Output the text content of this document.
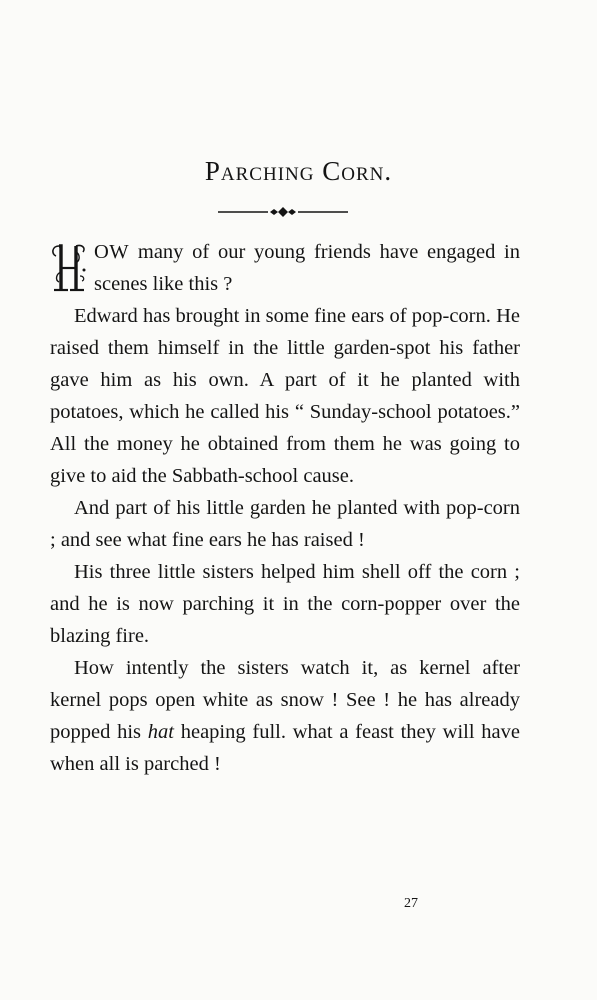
Parching Corn.

OW many of our young friends have engaged in scenes like this ?

Edward has brought in some fine ears of pop-corn. He raised them himself in the little garden-spot his father gave him as his own. A part of it he planted with potatoes, which he called his “ Sunday-school potatoes.” All the money he obtained from them he was going to give to aid the Sabbath-school cause.

And part of his little garden he planted with pop-corn ; and see what fine ears he has raised !

His three little sisters helped him shell off the corn ; and he is now parching it in the corn-popper over the blazing fire.

How intently the sisters watch it, as kernel after kernel pops open white as snow ! See ! he has already popped his hat heaping full. what a feast they will have when all is parched !

27
